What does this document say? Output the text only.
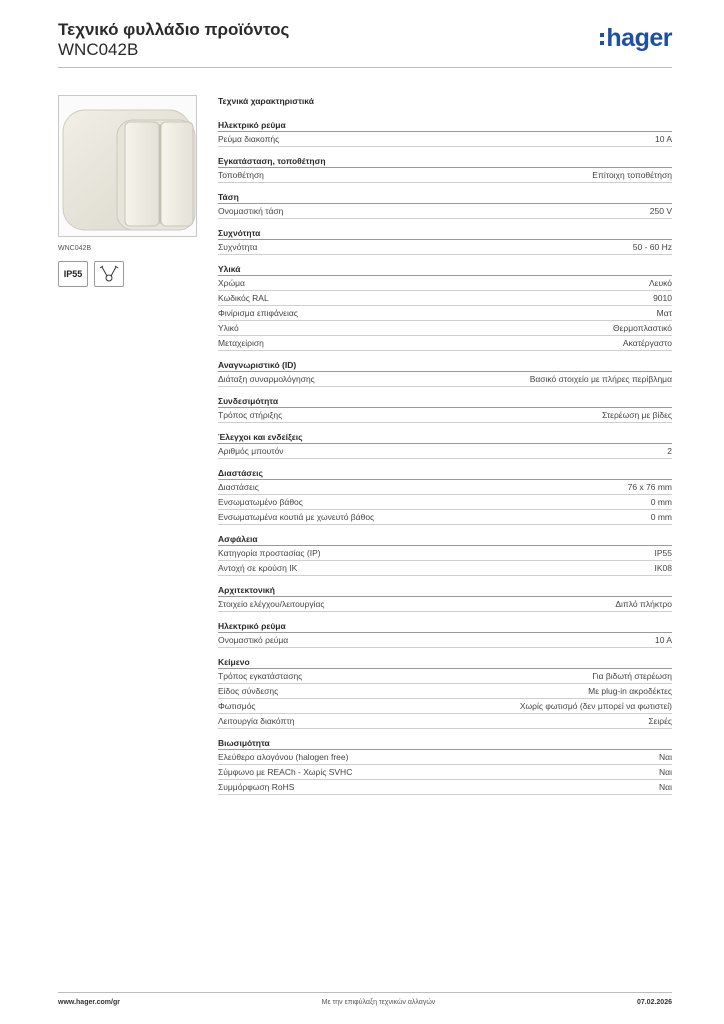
Τεχνικό φυλλάδιο προϊόντος
WNC042B	hager
WNC042B
IP55
Τεχνικά χαρακτηριστικά
Ηλεκτρικό ρεύμα
Ρεύμα διακοπής	10 A
Εγκατάσταση, τοποθέτηση
Τοποθέτηση	Επίτοιχη τοποθέτηση
Τάση
Ονομαστική τάση	250 V
Συχνότητα
Συχνότητα	50 - 60 Hz
Υλικά
Χρώμα	Λευκό
Κωδικός RAL	9010
Φινίρισμα επιφάνειας	Ματ
Υλικό	Θερμοπλαστικό
Μεταχείριση	Ακατέργαστο
Αναγνωριστικό (ID)
Διάταξη συναρμολόγησης	Βασικό στοιχείο με πλήρες περίβλημα
Συνδεσιμότητα
Τρόπος στήριξης	Στερέωση με βίδες
Έλεγχοι και ενδείξεις
Αριθμός μπουτόν	2
Διαστάσεις
Διαστάσεις	76 x 76 mm
Ενσωματωμένο βάθος	0 mm
Ενσωματωμένα κουτιά με χωνευτό βάθος	0 mm
Ασφάλεια
Κατηγορία προστασίας (IP)	IP55
Αντοχή σε κρούση IK	IK08
Αρχιτεκτονική
Στοιχείο ελέγχου/λειτουργίας	Διπλό πλήκτρο
Ηλεκτρικό ρεύμα
Ονομαστικό ρεύμα	10 A
Κείμενο
Τρόπος εγκατάστασης	Για βιδωτή στερέωση
Είδος σύνδεσης	Με plug-in ακροδέκτες
Φωτισμός	Χωρίς φωτισμό (δεν μπορεί να φωτιστεί)
Λειτουργία διακόπτη	Σειρές
Βιωσιμότητα
Ελεύθερο αλογόνου (halogen free)	Ναι
Σύμφωνο με REACh - Χωρίς SVHC	Ναι
Συμμόρφωση RoHS	Ναι
www.hager.com/gr	Με την επιφύλαξη τεχνικών αλλαγών	07.02.2026
